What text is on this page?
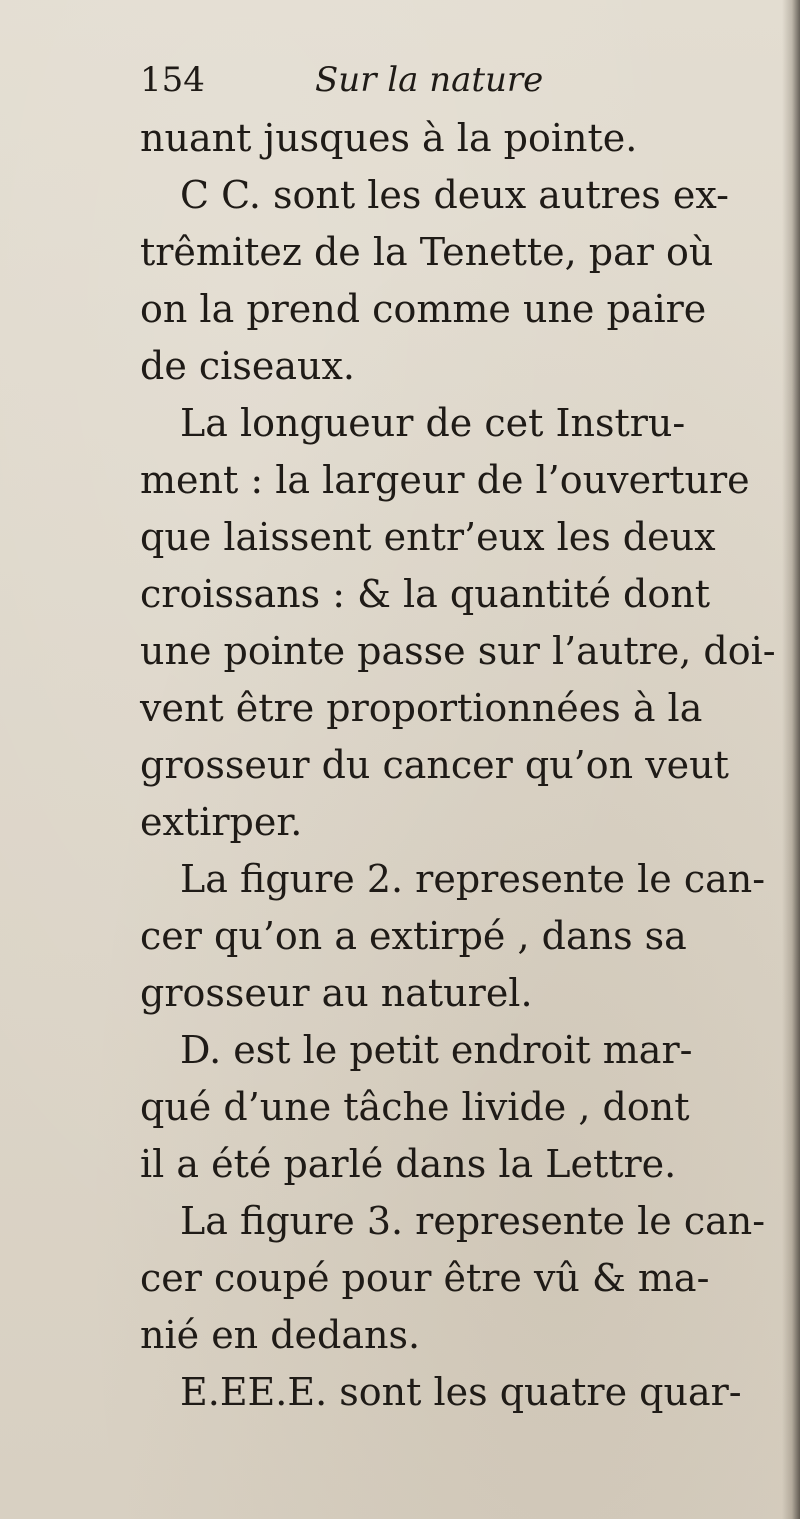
154	Sur la nature
nuant jusques à la pointe.
C C. sont les deux autres ex-
trêmitez de la Tenette, par où
on la prend comme une paire
de ciseaux.
La longueur de cet Instru-
ment : la largeur de l’ouverture
que laissent entr’eux les deux
croissans : & la quantité dont
une pointe passe sur l’autre, doi-
vent être proportionnées à la
grosseur du cancer qu’on veut
extirper.
La figure 2. represente le can-
cer qu’on a extirpé , dans sa
grosseur au naturel.
D. est le petit endroit mar-
qué d’une tâche livide , dont
il a été parlé dans la Lettre.
La figure 3. represente le can-
cer coupé pour être vû & ma-
nié en dedans.
E.EE.E. sont les quatre quar-
